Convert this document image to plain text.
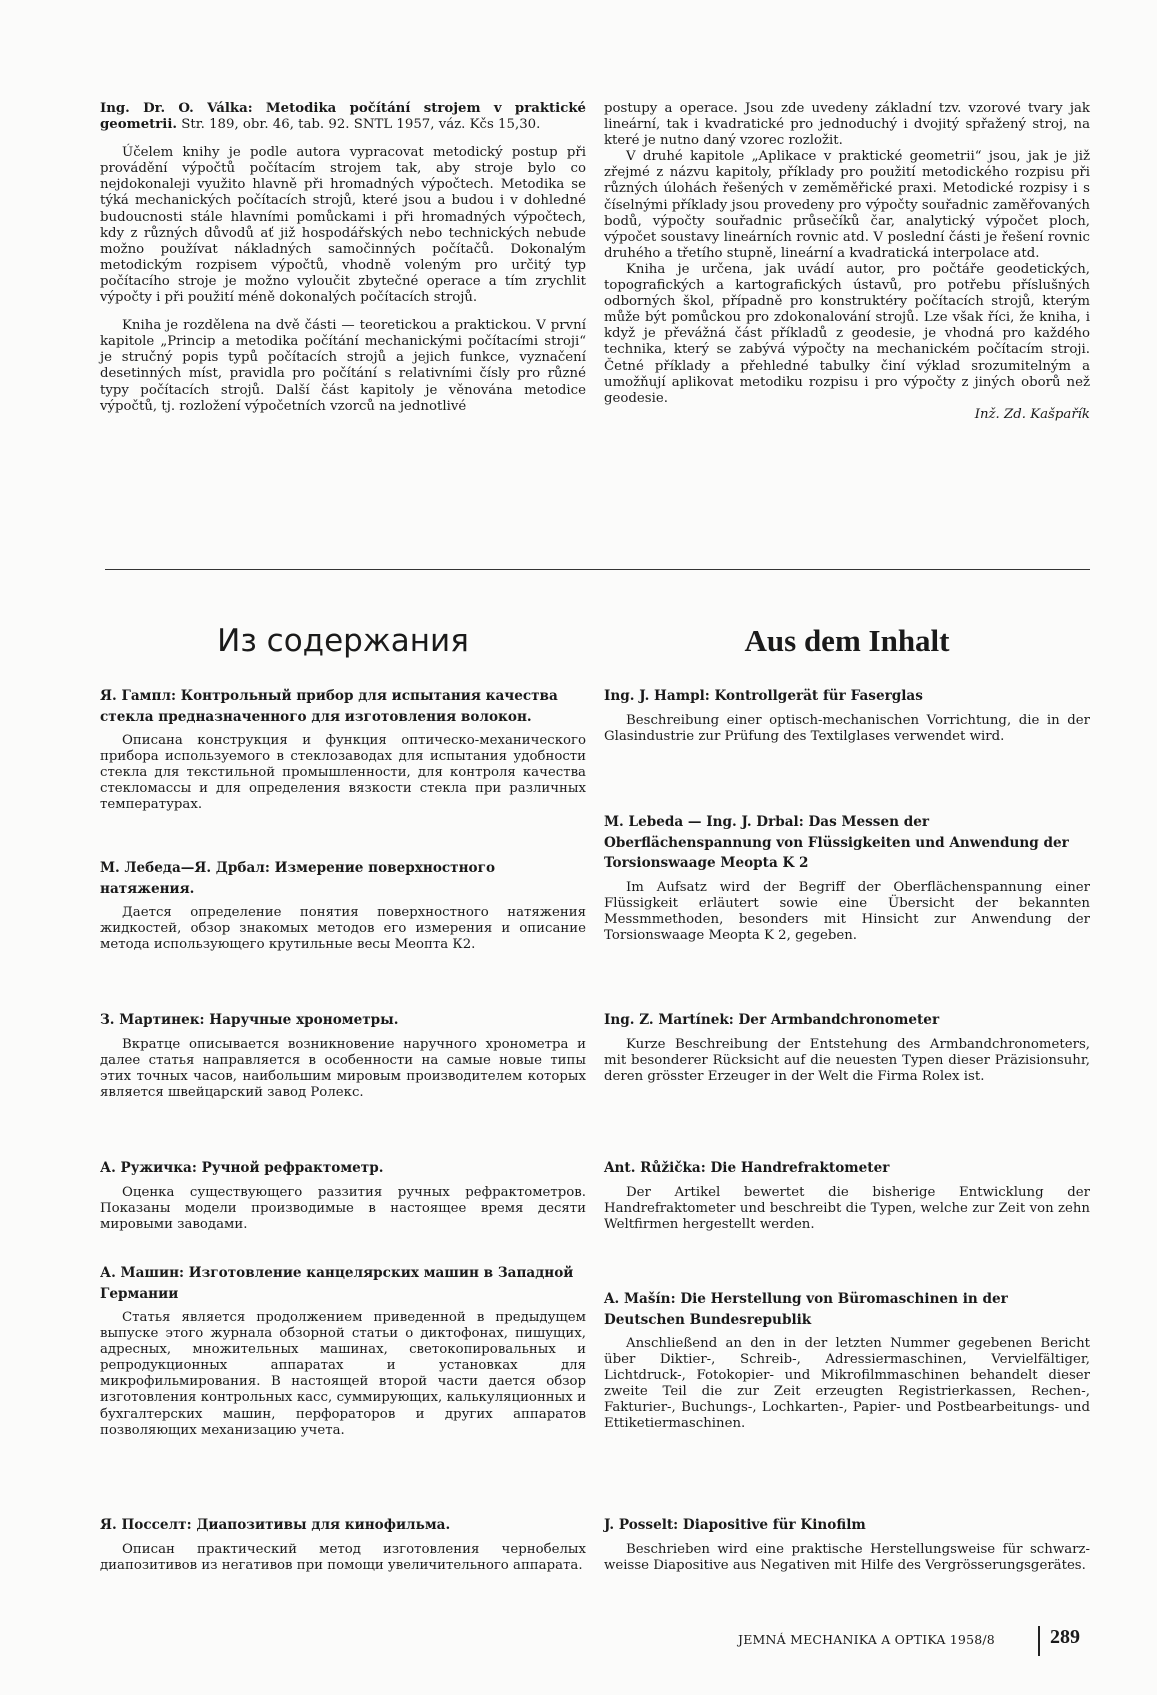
Ing. Dr. O. Válka: Metodika počítání strojem v praktické geometrii. Str. 189, obr. 46, tab. 92. SNTL 1957, váz. Kčs 15,30.

Účelem knihy je podle autora vypracovat metodický postup při provádění výpočtů počítacím strojem tak, aby stroje bylo co nejdokonaleji využito hlavně při hromadných výpočtech. Metodika se týká mechanických počítacích strojů, které jsou a budou i v dohledné budoucnosti stále hlavními pomůckami i při hromadných výpočtech, kdy z různých důvodů ať již hospodářských nebo technických nebude možno používat nákladných samočinných počítačů. Dokonalým metodickým rozpisem výpočtů, vhodně voleným pro určitý typ počítacího stroje je možno vyloučit zbytečné operace a tím zrychlit výpočty i při použití méně dokonalých počítacích strojů.

Kniha je rozdělena na dvě části — teoretickou a praktickou. V první kapitole „Princip a metodika počítání mechanickými počítacími stroji“ je stručný popis typů počítacích strojů a jejich funkce, vyznačení desetinných míst, pravidla pro počítání s relativními čísly pro různé typy počítacích strojů. Další část kapitoly je věnována metodice výpočtů, tj. rozložení výpočetních vzorců na jednotlivé

postupy a operace. Jsou zde uvedeny základní tzv. vzorové tvary jak lineární, tak i kvadratické pro jednoduchý i dvojitý spřažený stroj, na které je nutno daný vzorec rozložit.

V druhé kapitole „Aplikace v praktické geometrii“ jsou, jak je již zřejmé z názvu kapitoly, příklady pro použití metodického rozpisu při různých úlohách řešených v zeměměřické praxi. Metodické rozpisy i s číselnými příklady jsou provedeny pro výpočty souřadnic zaměřovaných bodů, výpočty souřadnic průsečíků čar, analytický výpočet ploch, výpočet soustavy lineárních rovnic atd. V poslední části je řešení rovnic druhého a třetího stupně, lineární a kvadratická interpolace atd.

Kniha je určena, jak uvádí autor, pro počtáře geodetických, topografických a kartografických ústavů, pro potřebu příslušných odborných škol, případně pro konstruktéry počítacích strojů, kterým může být pomůckou pro zdokonalování strojů. Lze však říci, že kniha, i když je převážná část příkladů z geodesie, je vhodná pro každého technika, který se zabývá výpočty na mechanickém počítacím stroji. Četné příklady a přehledné tabulky činí výklad srozumitelným a umožňují aplikovat metodiku rozpisu i pro výpočty z jiných oborů než geodesie.

Inž. Zd. Kašpařík

Из содержания	Aus dem Inhalt

Я. Гампл: Контрольный прибор для испытания качества стекла предназначенного для изготовления волокон.

Описана конструкция и функция оптическо-механического прибора используемого в стеклозаводах для испытания удобности стекла для текстильной промышленности, для контроля качества стекломассы и для определения вязкости стекла при различных температурах.

М. Лебеда—Я. Дрбал: Измерение поверхностного натяжения.

Дается определение понятия поверхностного натяжения жидкостей, обзор знакомых методов его измерения и описание метода использующего крутильные весы Меопта К2.

З. Мартинек: Наручные хронометры.

Вкратце описывается возникновение наручного хронометра и далее статья направляется в особенности на самые новые типы этих точных часов, наибольшим мировым производителем которых является швейцарский завод Ролекс.

А. Ружичка: Ручной рефрактометр.

Оценка существующего раззития ручных рефрактометров. Показаны модели производимые в настоящее время десяти мировыми заводами.

А. Машин: Изготовление канцелярских машин в Западной Германии

Статья является продолжением приведенной в предыдущем выпуске этого журнала обзорной статьи о диктофонах, пишущих, адресных, множительных машинах, светокопировальных и репродукционных аппаратах и установках для микрофильмирования. В настоящей второй части дается обзор изготовления контрольных касс, суммирующих, калькуляционных и бухгалтерских машин, перфораторов и других аппаратов позволяющих механизацию учета.

Я. Посселт: Диапозитивы для кинофильма.

Описан практический метод изготовления чернобелых диапозитивов из негативов при помощи увеличительного аппарата.

Ing. J. Hampl: Kontrollgerät für Faserglas

Beschreibung einer optisch-mechanischen Vorrichtung, die in der Glasindustrie zur Prüfung des Textilglases verwendet wird.

M. Lebeda — Ing. J. Drbal: Das Messen der Oberflächenspannung von Flüssigkeiten und Anwendung der Torsionswaage Meopta K 2

Im Aufsatz wird der Begriff der Oberflächenspannung einer Flüssigkeit erläutert sowie eine Übersicht der bekannten Messmmethoden, besonders mit Hinsicht zur Anwendung der Torsionswaage Meopta K 2, gegeben.

Ing. Z. Martínek: Der Armbandchronometer

Kurze Beschreibung der Entstehung des Armbandchronometers, mit besonderer Rücksicht auf die neuesten Typen dieser Präzisionsuhr, deren grösster Erzeuger in der Welt die Firma Rolex ist.

Ant. Růžička: Die Handrefraktometer

Der Artikel bewertet die bisherige Entwicklung der Handrefraktometer und beschreibt die Typen, welche zur Zeit von zehn Weltfirmen hergestellt werden.

A. Mašín: Die Herstellung von Büromaschinen in der Deutschen Bundesrepublik

Anschließend an den in der letzten Nummer gegebenen Bericht über Diktier-, Schreib-, Adressiermaschinen, Vervielfältiger, Lichtdruck-, Fotokopier- und Mikrofilmmaschinen behandelt dieser zweite Teil die zur Zeit erzeugten Registrierkassen, Rechen-, Fakturier-, Buchungs-, Lochkarten-, Papier- und Postbearbeitungs- und Ettiketiermaschinen.

J. Posselt: Diapositive für Kinofilm

Beschrieben wird eine praktische Herstellungsweise für schwarz-weisse Diapositive aus Negativen mit Hilfe des Vergrösserungsgerätes.

JEMNÁ MECHANIKA A OPTIKA 1958/8	289
